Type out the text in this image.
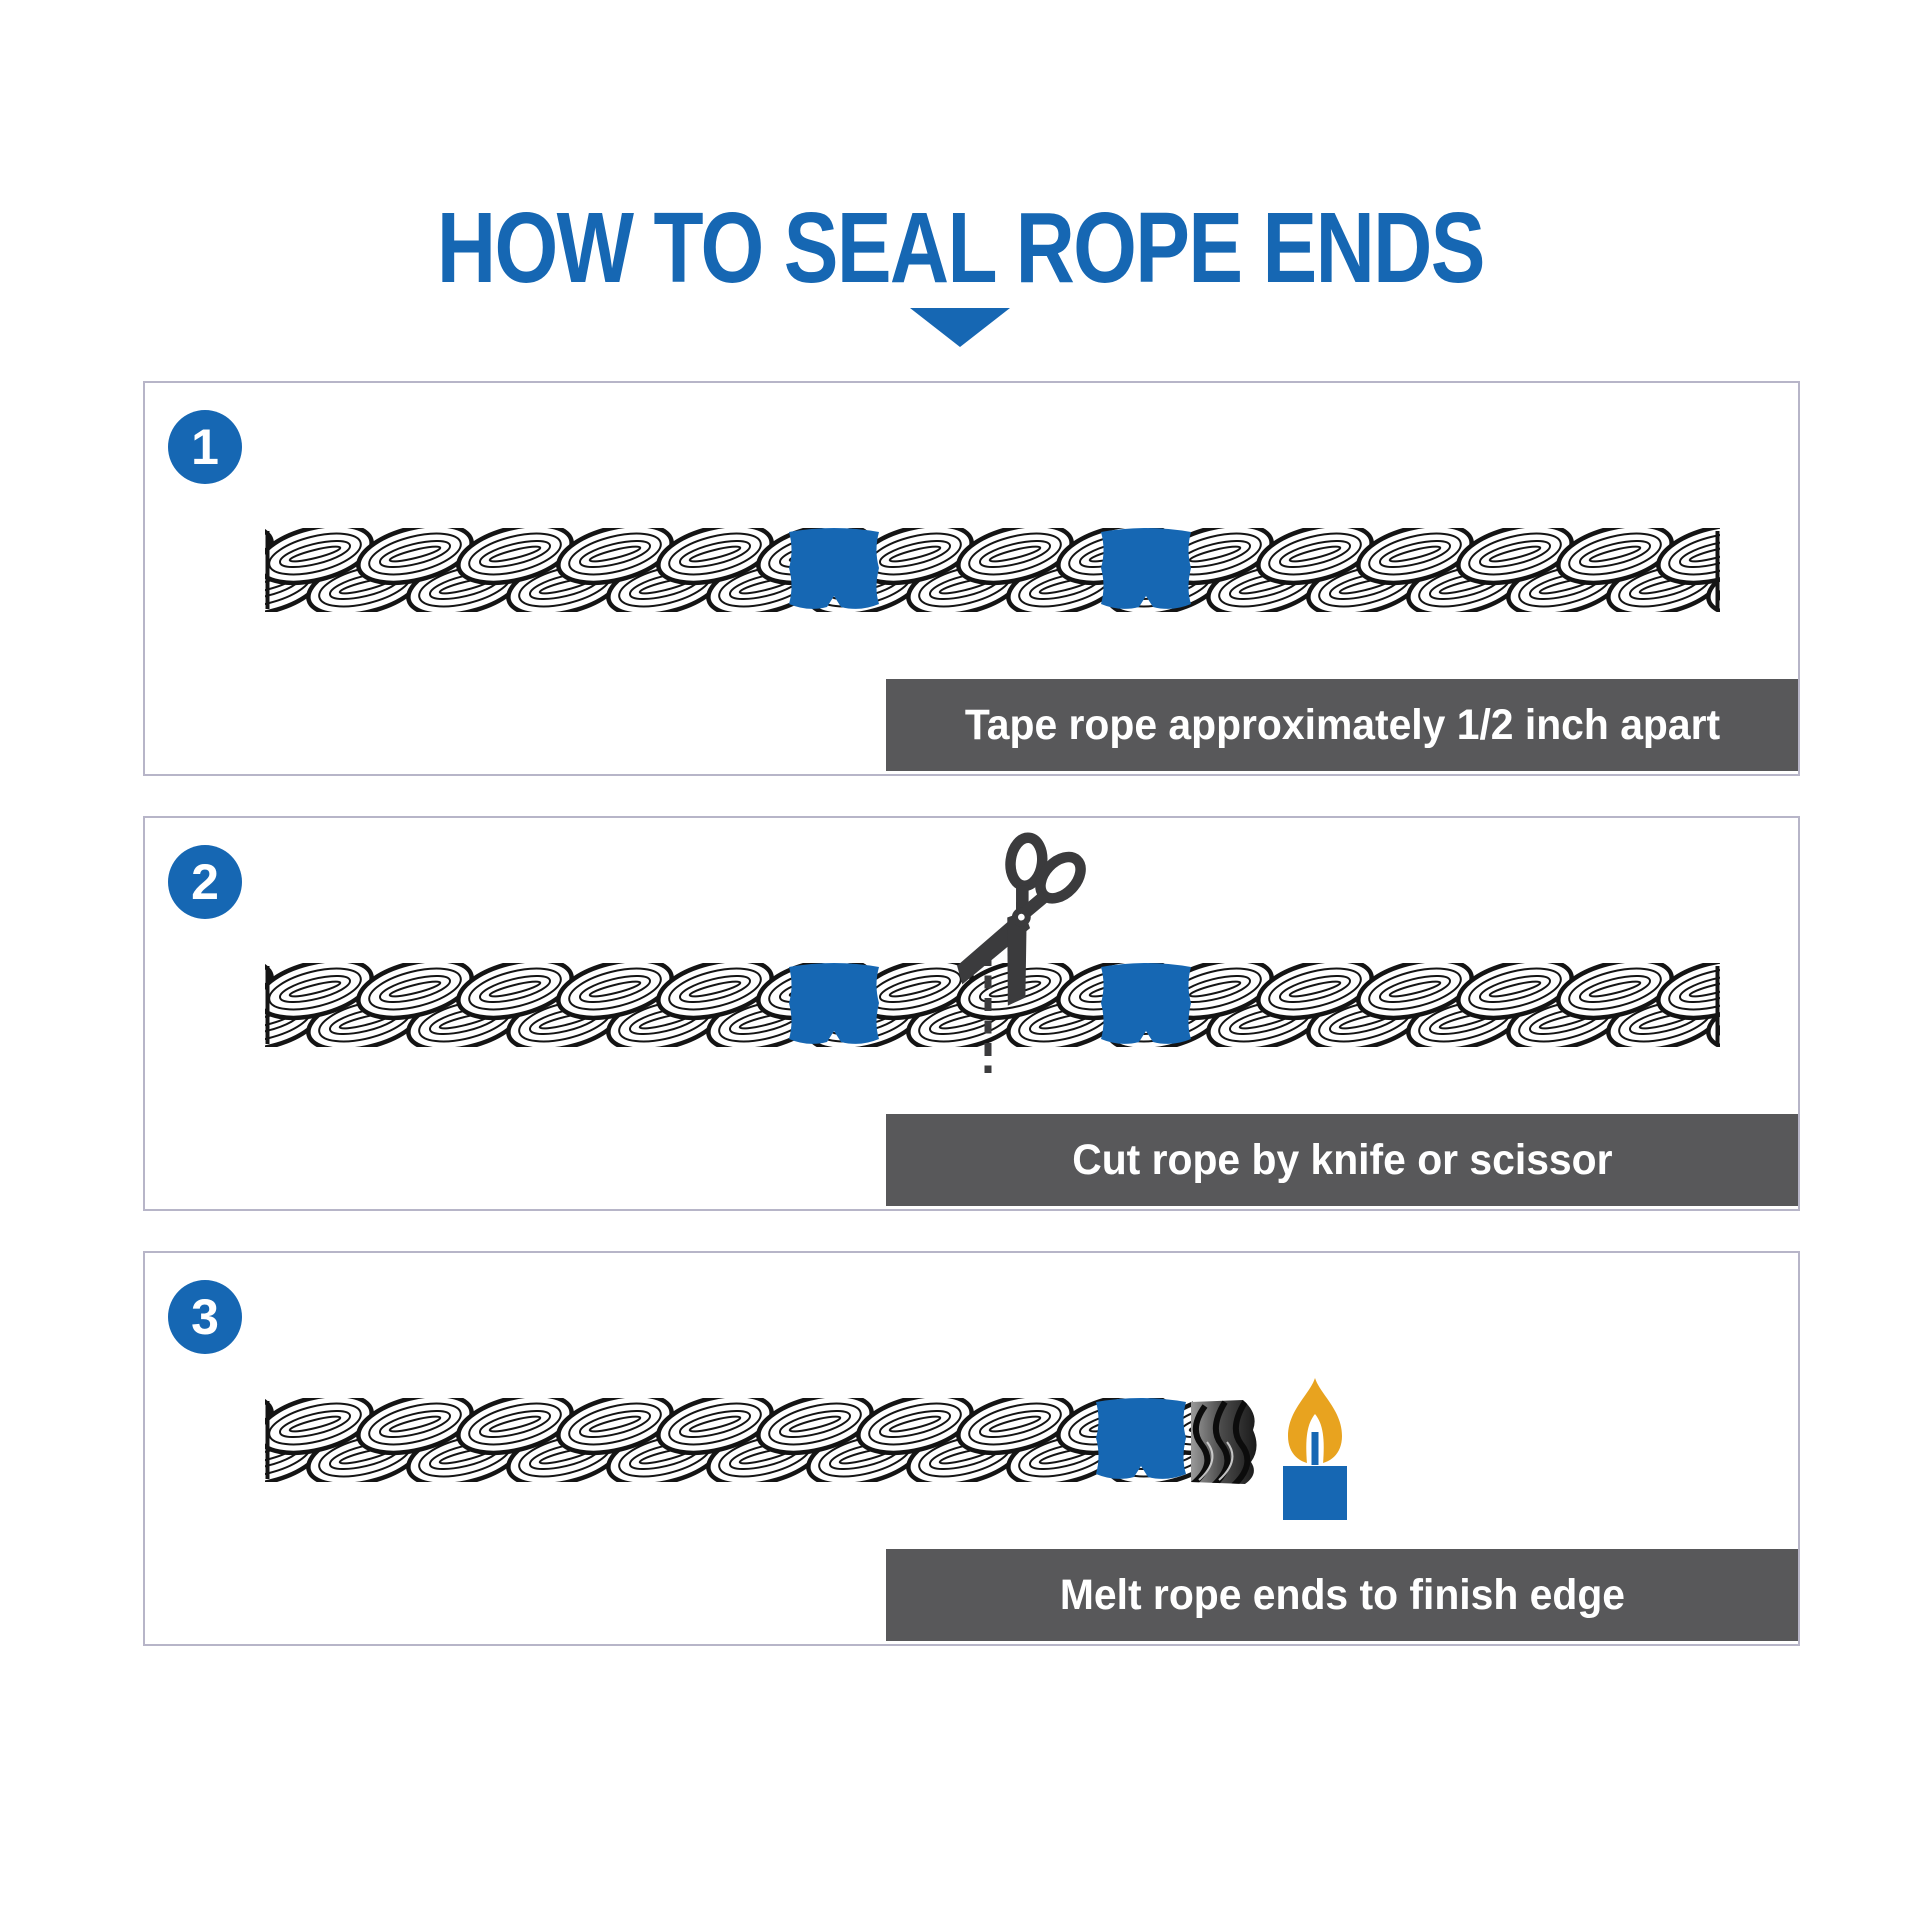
HOW TO SEAL ROPE ENDS
1
Tape rope approximately 1/2 inch apart
2
Cut rope by knife or scissor
3
Melt rope ends to finish edge
